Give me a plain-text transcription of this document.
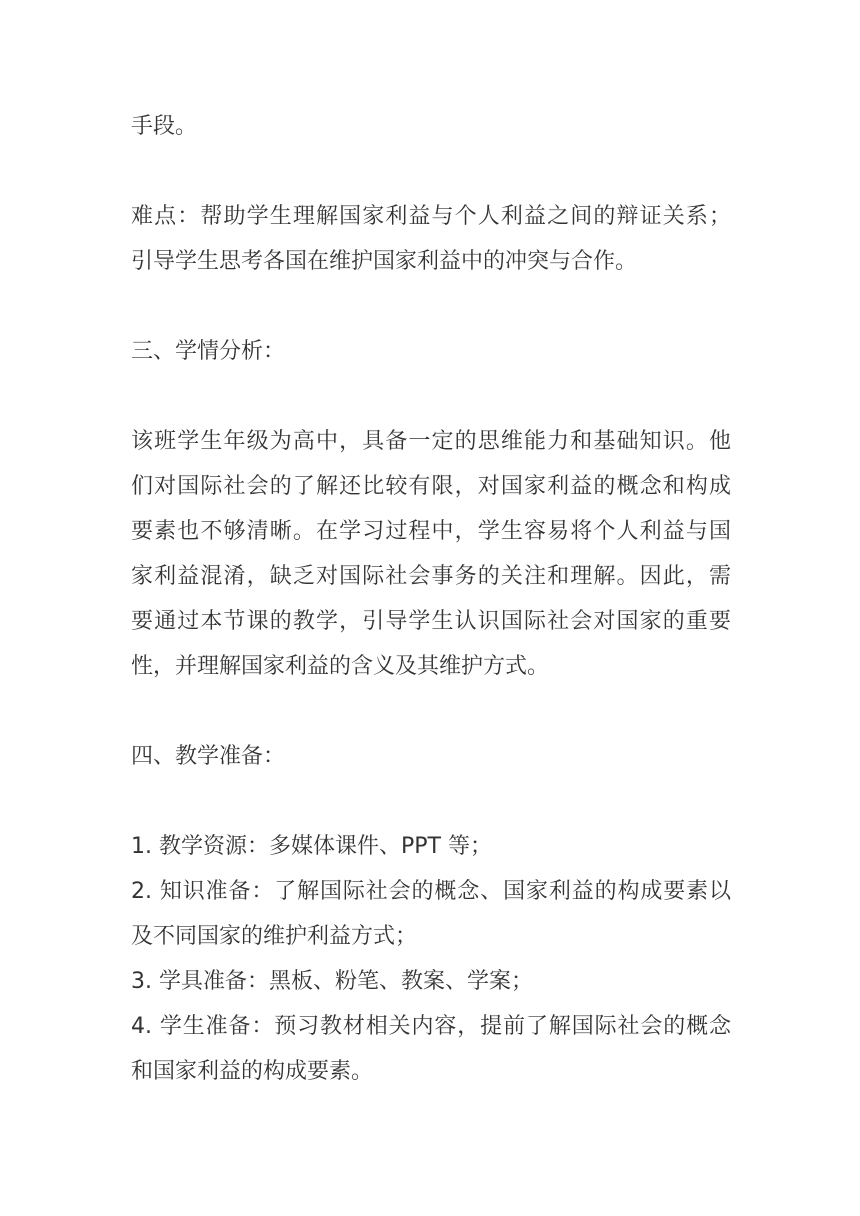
手段。

难点：帮助学生理解国家利益与个人利益之间的辩证关系；

引导学生思考各国在维护国家利益中的冲突与合作。

三、学情分析：

该班学生年级为高中，具备一定的思维能力和基础知识。他

们对国际社会的了解还比较有限，对国家利益的概念和构成

要素也不够清晰。在学习过程中，学生容易将个人利益与国

家利益混淆，缺乏对国际社会事务的关注和理解。因此，需

要通过本节课的教学，引导学生认识国际社会对国家的重要

性，并理解国家利益的含义及其维护方式。

四、教学准备：

1. 教学资源：多媒体课件、PPT 等；

2. 知识准备：了解国际社会的概念、国家利益的构成要素以

及不同国家的维护利益方式；

3. 学具准备：黑板、粉笔、教案、学案；

4. 学生准备：预习教材相关内容，提前了解国际社会的概念

和国家利益的构成要素。
